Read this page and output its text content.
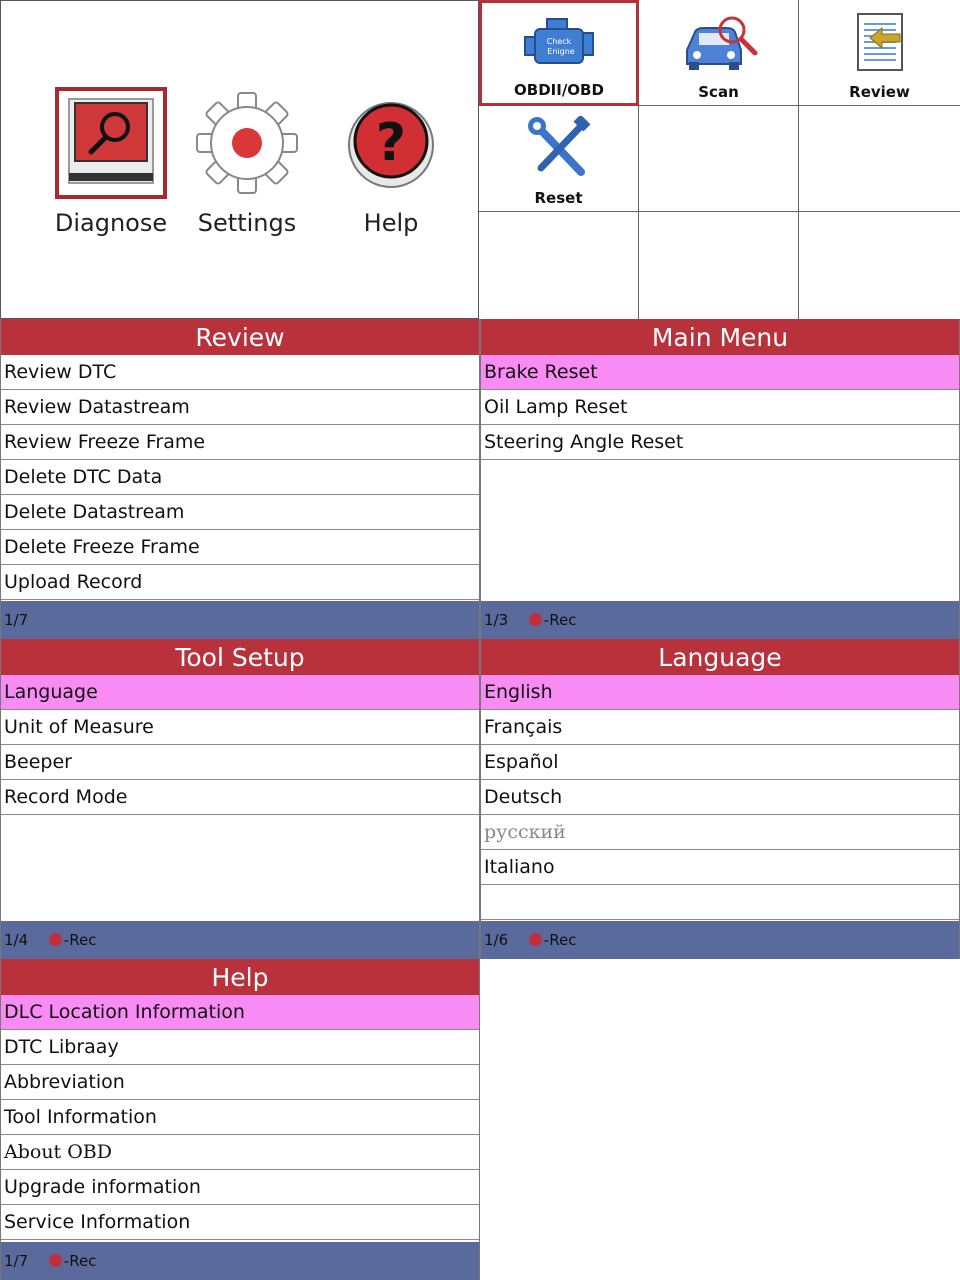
Diagnose	Settings
?
Help
Check
Enigne
OBDII/OBD	Scan	Review
Reset
Review
Review DTC
Review Datastream
Review Freeze Frame
Delete DTC Data
Delete Datastream
Delete Freeze Frame
Upload Record
1/7
Main Menu
Brake Reset
Oil Lamp Reset
Steering Angle Reset
1/3 -Rec
Tool Setup
Language
Unit of Measure
Beeper
Record Mode
1/4 -Rec
Language
English
Français
Español
Deutsch
русский
Italiano
1/6 -Rec
Help
DLC Location Information
DTC Libraay
Abbreviation
Tool Information
About OBD
Upgrade information
Service Information
1/7 -Rec
